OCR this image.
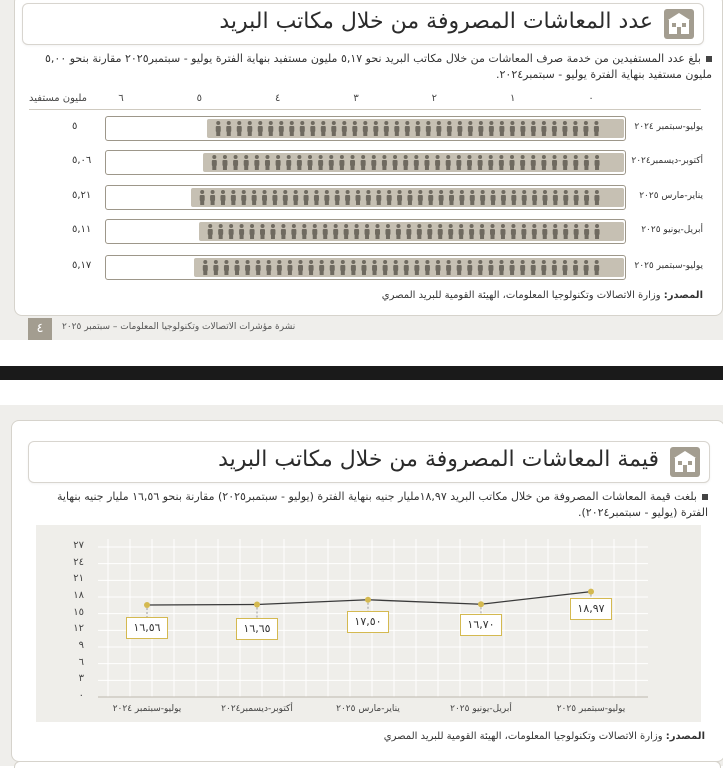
عدد المعاشات المصروفة من خلال مكاتب البريد
بلغ عدد المستفيدين من خدمة صرف المعاشات من خلال مكاتب البريد نحو ٥,١٧ مليون مستفيد بنهاية الفترة يوليو - سبتمبر٢٠٢٥ مقارنة بنحو ٥,٠٠ مليون مستفيد بنهاية الفترة يوليو - سبتمبر٢٠٢٤.
مليون مستفيد	٠
١
٢
٣
٤
٥
٦
يوليو-سبتمبر ٢٠٢٤
٥
أكتوبر-ديسمبر٢٠٢٤
٥,٠٦
يناير-مارس ٢٠٢٥
٥,٢١
أبريل-يونيو ٢٠٢٥
٥,١١
يوليو-سبتمبر ٢٠٢٥
٥,١٧
المصدر: وزارة الاتصالات وتكنولوجيا المعلومات، الهيئة القومية للبريد المصري
٤	نشرة مؤشرات الاتصالات وتكنولوجيا المعلومات – سبتمبر ٢٠٢٥
قيمة المعاشات المصروفة من خلال مكاتب البريد
بلغت قيمة المعاشات المصروفة من خلال مكاتب البريد ١٨,٩٧مليار جنيه بنهاية الفترة (يوليو - سبتمبر٢٠٢٥) مقارنة بنحو ١٦,٥٦ مليار جنيه بنهاية الفترة (يوليو - سبتمبر٢٠٢٤).
٠
٣
٦
٩
١٢
١٥
١٨
٢١
٢٤
٢٧
١٦,٥٦	١٦,٦٥
١٧,٥٠	١٦,٧٠
١٨,٩٧
يوليو-سبتمبر ٢٠٢٤	أكتوبر-ديسمبر٢٠٢٤	يناير-مارس ٢٠٢٥	أبريل-يونيو ٢٠٢٥	يوليو-سبتمبر ٢٠٢٥
المصدر: وزارة الاتصالات وتكنولوجيا المعلومات، الهيئة القومية للبريد المصري
